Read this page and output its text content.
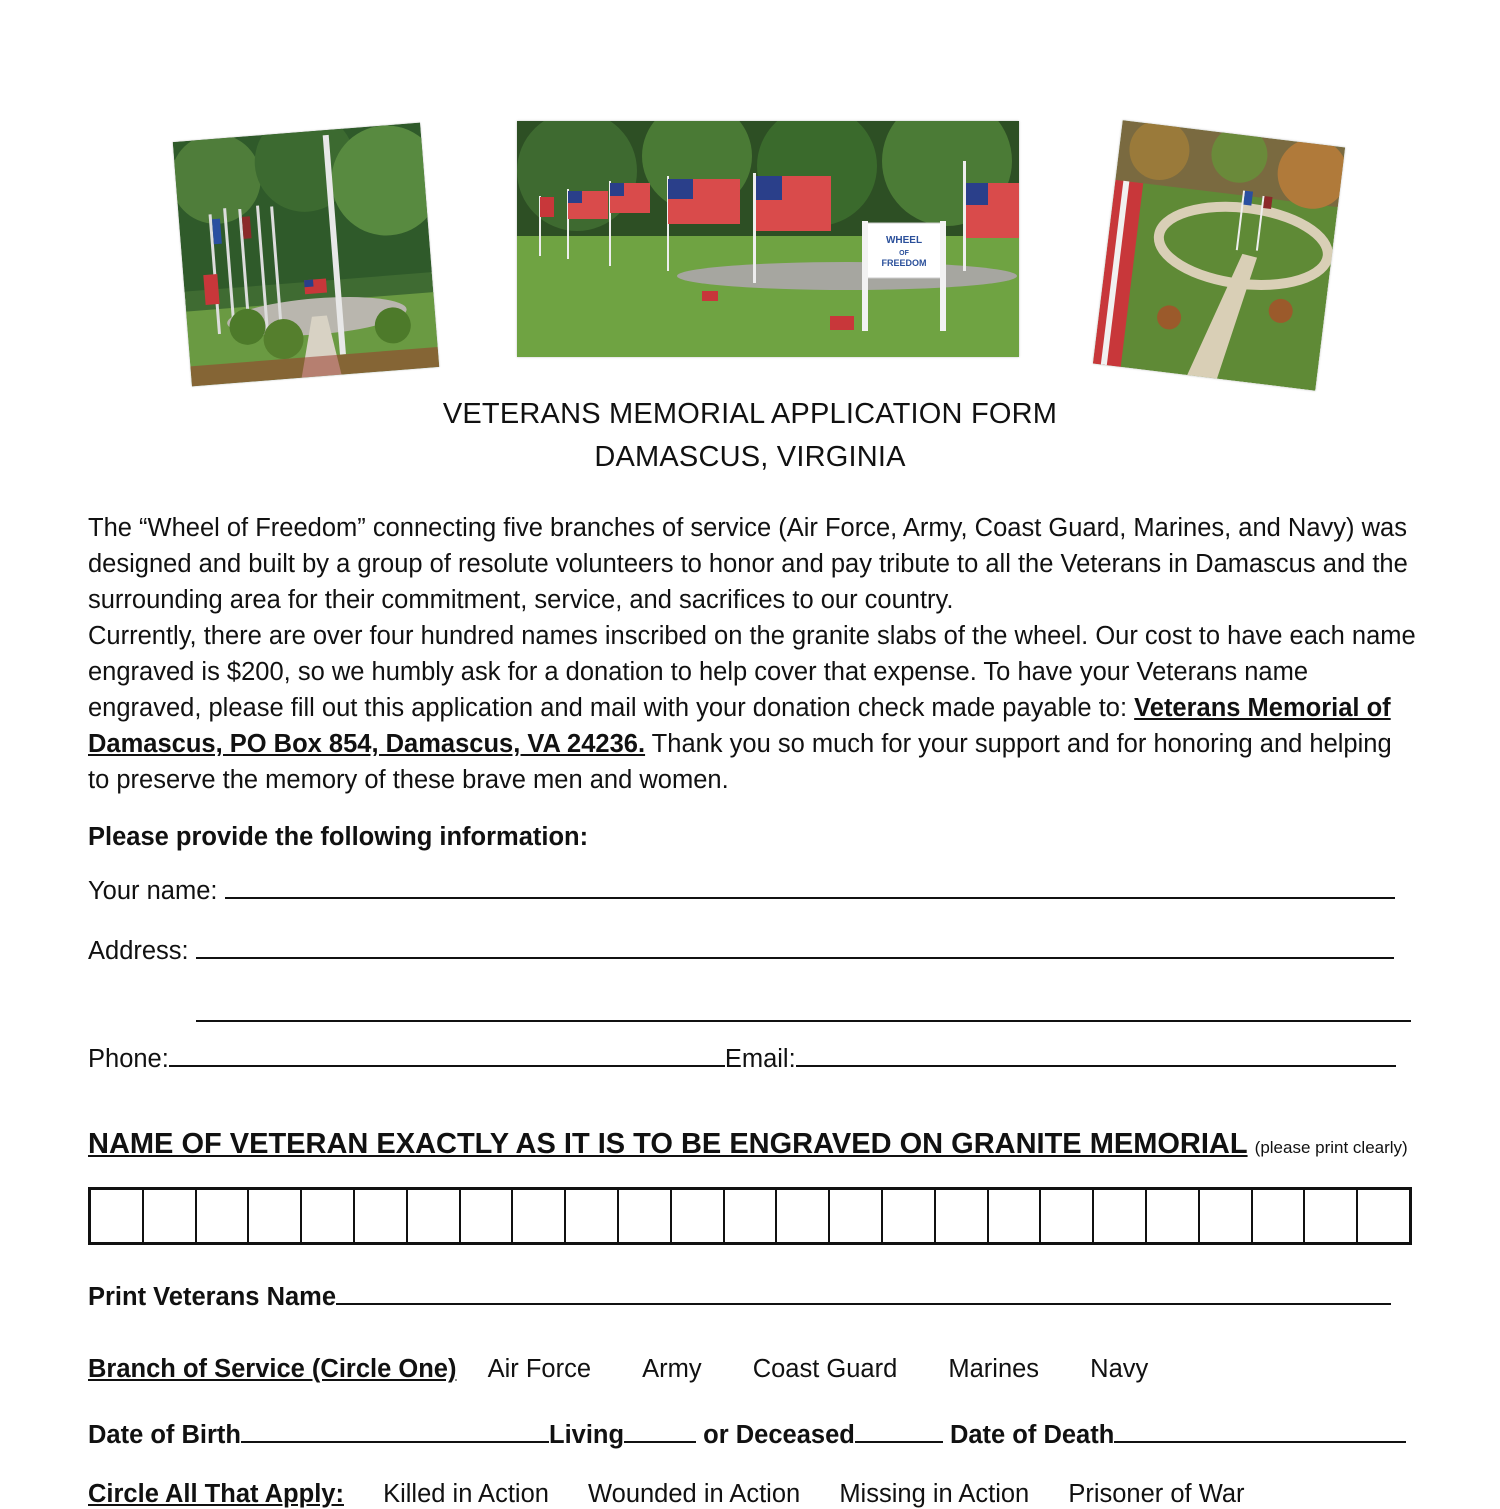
WHEEL
OF
FREEDOM
VETERANS MEMORIAL APPLICATION FORM
DAMASCUS, VIRGINIA

The “Wheel of Freedom” connecting five branches of service (Air Force, Army, Coast Guard, Marines, and Navy) was designed and built by a group of resolute volunteers to honor and pay tribute to all the Veterans in Damascus and the surrounding area for their commitment, service, and sacrifices to our country.

Currently, there are over four hundred names inscribed on the granite slabs of the wheel. Our cost to have each name engraved is $200, so we humbly ask for a donation to help cover that expense. To have your Veterans name engraved, please fill out this application and mail with your donation check made payable to: Veterans Memorial of Damascus, PO Box 854, Damascus, VA 24236. Thank you so much for your support and for honoring and helping to preserve the memory of these brave men and women.

Please provide the following information:
Your name:
Address:
Phone:	Email:
NAME OF VETERAN EXACTLY AS IT IS TO BE ENGRAVED ON GRANITE MEMORIAL (please print clearly)
Print Veterans Name
Branch of Service (Circle One) Air Force Army Coast Guard Marines Navy
Date of Birth	Living	or Deceased	Date of Death
Circle All That Apply: Killed in Action Wounded in Action Missing in Action Prisoner of War
